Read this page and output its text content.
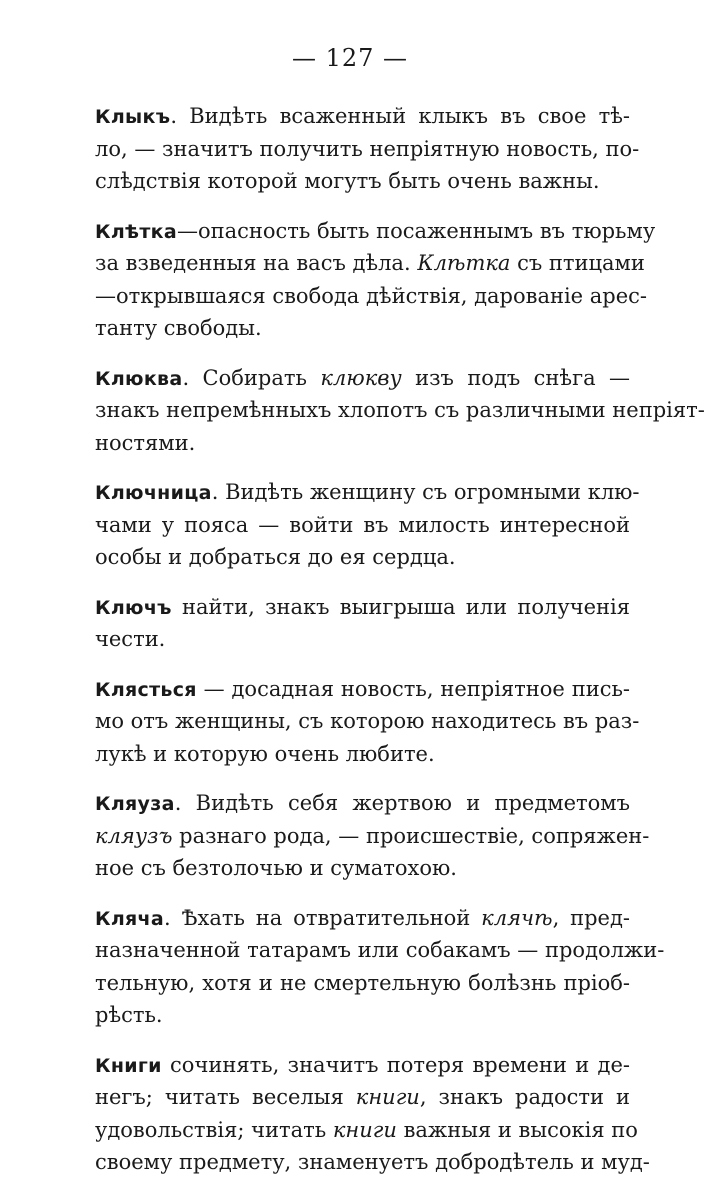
— 127 —
Клыкъ. Видѣть всаженный клыкъ въ свое тѣ-
ло, — значитъ получить непріятную новость, по-
слѣдствія которой могутъ быть очень важны.
Клѣтка—опасность быть посаженнымъ въ тюрьму
за взведенныя на васъ дѣла. Клѣтка съ птицами
—открывшаяся свобода дѣйствія, дарованіе арес-
танту свободы.
Клюква. Собирать клюкву изъ подъ снѣга —
знакъ непремѣнныхъ хлопотъ съ различными непріят-
ностями.
Ключница. Видѣть женщину съ огромными клю-
чами у пояса — войти въ милость интересной
особы и добраться до ея сердца.
Ключъ найти, знакъ выигрыша или полученія
чести.
Клясться — досадная новость, непріятное пись-
мо отъ женщины, съ которою находитесь въ раз-
лукѣ и которую очень любите.
Кляуза. Видѣть себя жертвою и предметомъ
кляузъ разнаго рода, — происшествіе, сопряжен-
ное съ безтолочью и суматохою.
Кляча. Ѣхать на отвратительной клячѣ, пред-
назначенной татарамъ или собакамъ — продолжи-
тельную, хотя и не смертельную болѣзнь пріоб-
рѣсть.
Книги сочинять, значитъ потеря времени и де-
негъ; читать веселыя книги, знакъ радости и
удовольствія; читать книги важныя и высокія по
своему предмету, знаменуетъ добродѣтель и муд-
